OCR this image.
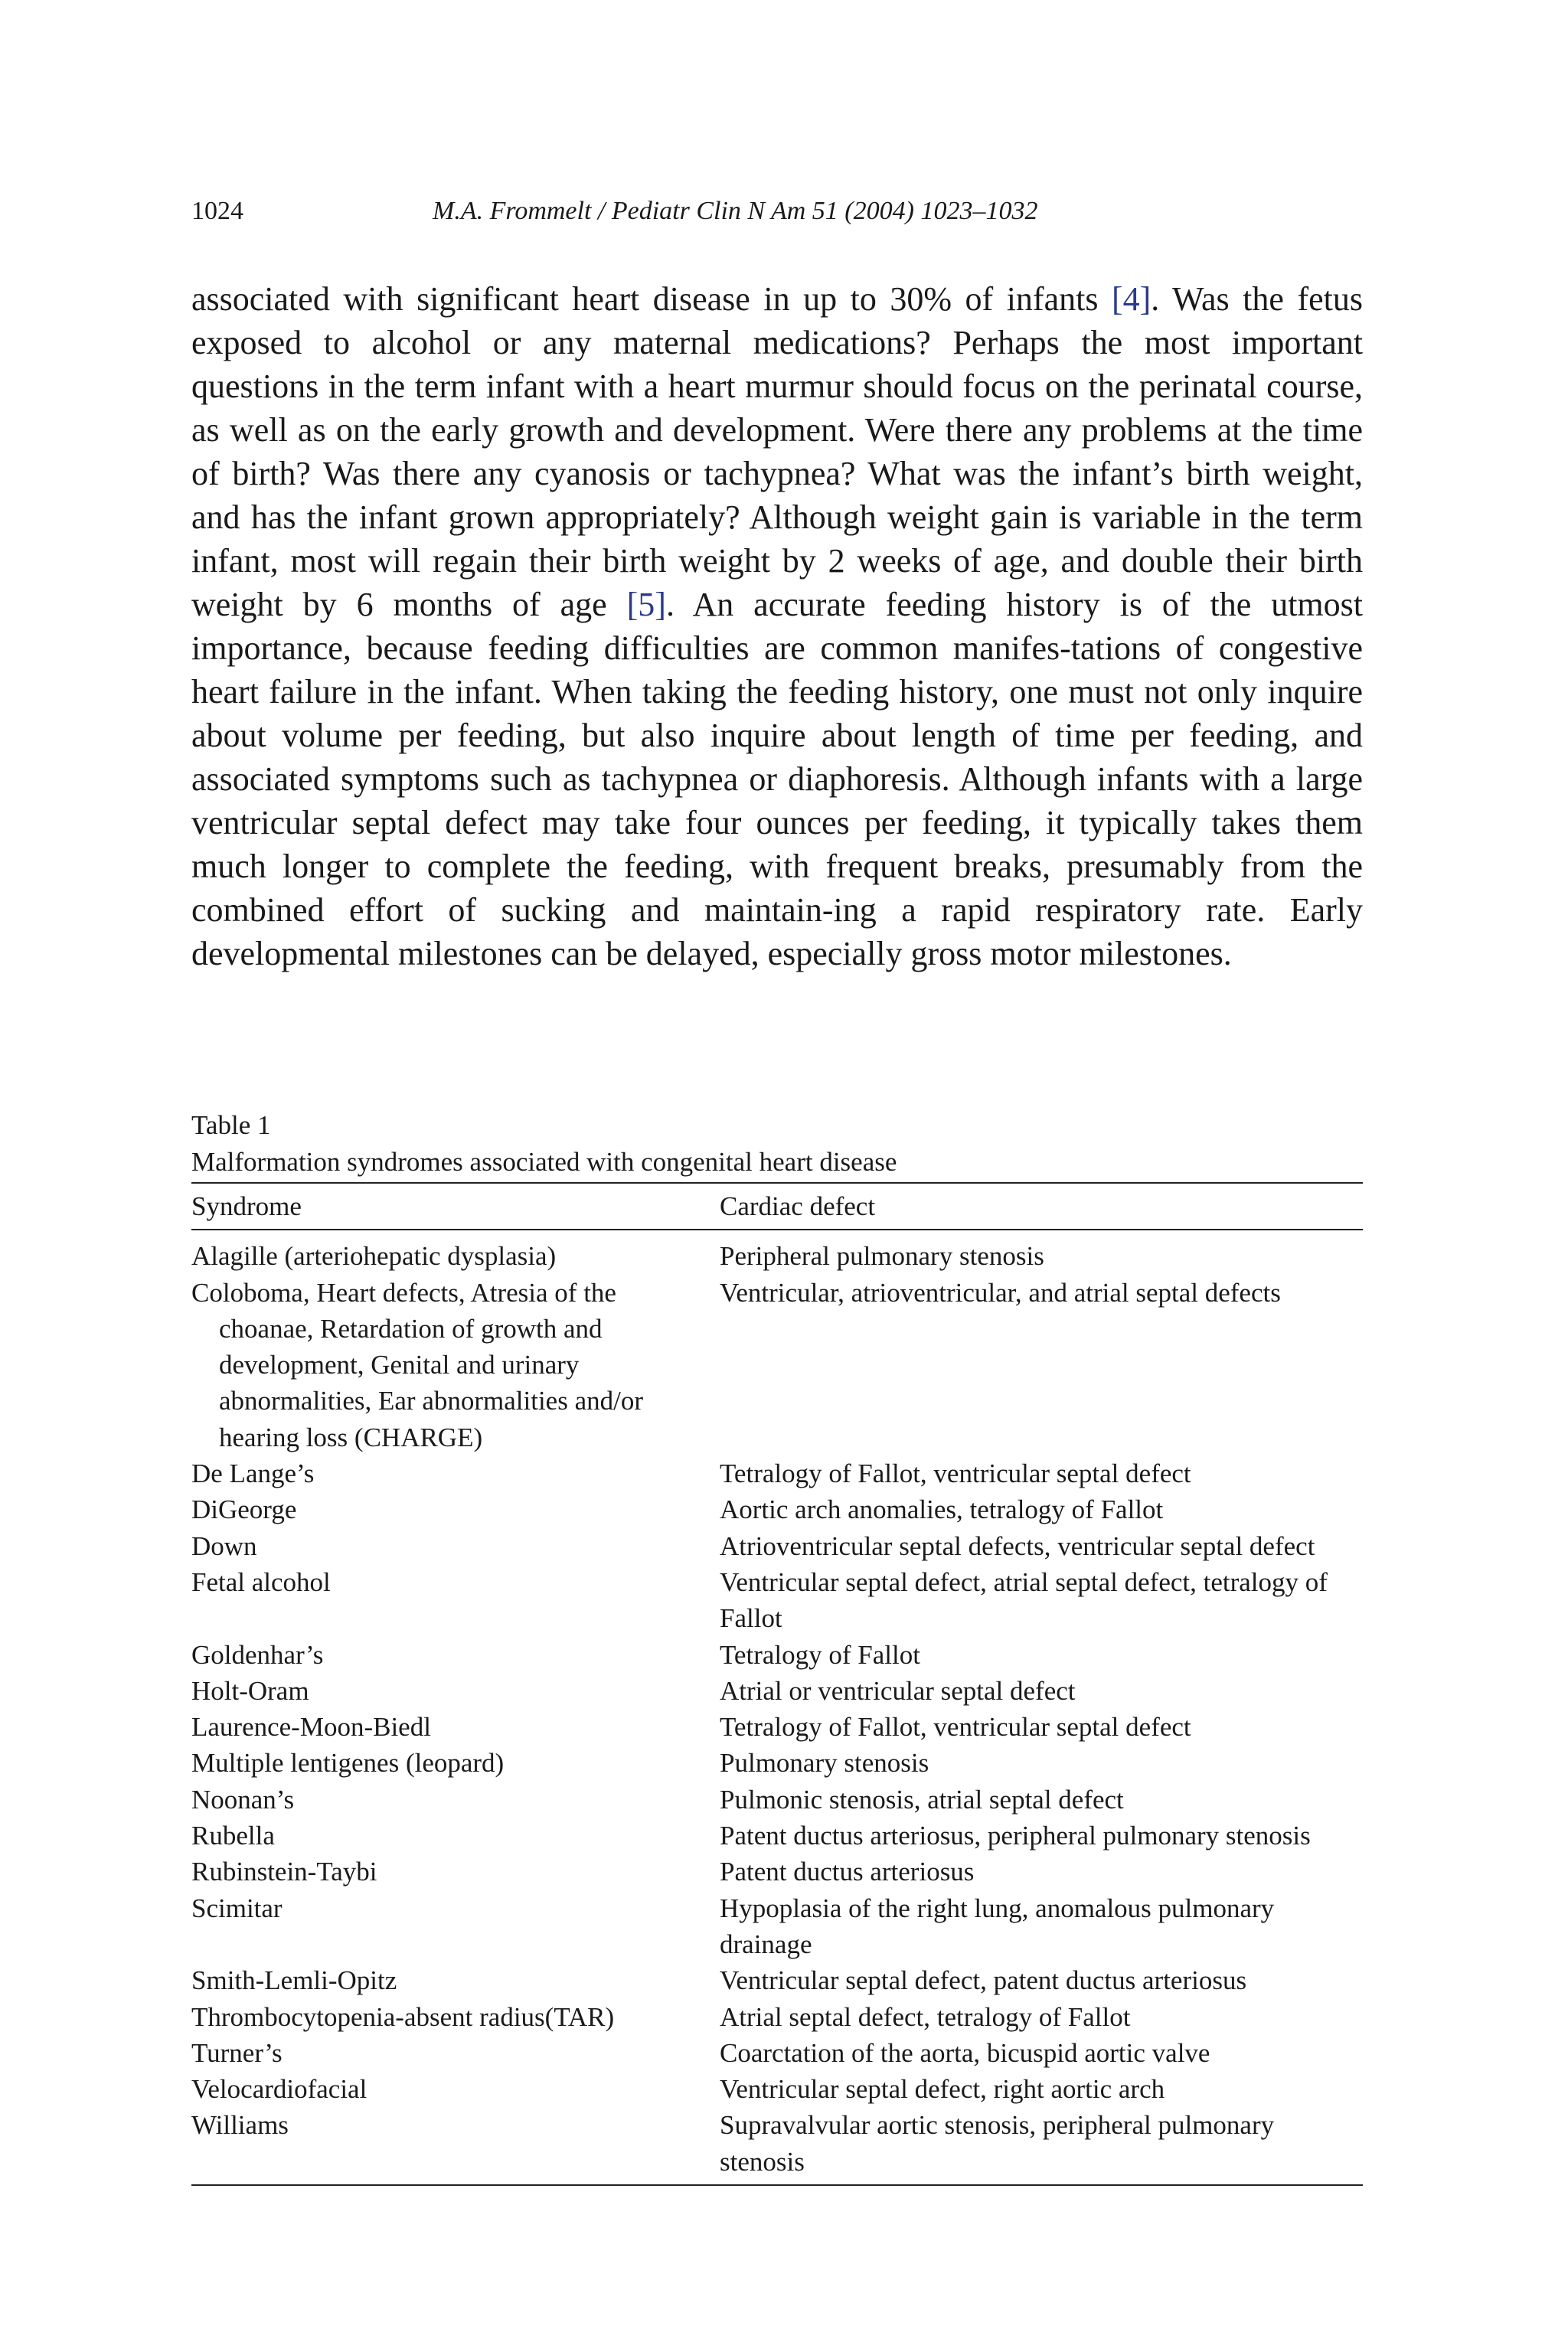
1024	M.A. Frommelt / Pediatr Clin N Am 51 (2004) 1023–1032

associated with significant heart disease in up to 30% of infants [4]. Was the fetus exposed to alcohol or any maternal medications? Perhaps the most important questions in the term infant with a heart murmur should focus on the perinatal course, as well as on the early growth and development. Were there any problems at the time of birth? Was there any cyanosis or tachypnea? What was the infant’s birth weight, and has the infant grown appropriately? Although weight gain is variable in the term infant, most will regain their birth weight by 2 weeks of age, and double their birth weight by 6 months of age [5]. An accurate feeding history is of the utmost importance, because feeding difficulties are common manifes-tations of congestive heart failure in the infant. When taking the feeding history, one must not only inquire about volume per feeding, but also inquire about length of time per feeding, and associated symptoms such as tachypnea or diaphoresis. Although infants with a large ventricular septal defect may take four ounces per feeding, it typically takes them much longer to complete the feeding, with frequent breaks, presumably from the combined effort of sucking and maintain-ing a rapid respiratory rate. Early developmental milestones can be delayed, especially gross motor milestones.

Table 1
Malformation syndromes associated with congenital heart disease
Syndrome	Cardiac defect
Alagille (arteriohepatic dysplasia)	Peripheral pulmonary stenosis
Coloboma, Heart defects, Atresia of the choanae, Retardation of growth and development, Genital and urinary abnormalities, Ear abnormalities and/or hearing loss (CHARGE)	Ventricular, atrioventricular, and atrial septal defects
De Lange’s	Tetralogy of Fallot, ventricular septal defect
DiGeorge	Aortic arch anomalies, tetralogy of Fallot
Down	Atrioventricular septal defects, ventricular septal defect
Fetal alcohol	Ventricular septal defect, atrial septal defect, tetralogy of Fallot
Goldenhar’s	Tetralogy of Fallot
Holt-Oram	Atrial or ventricular septal defect
Laurence-Moon-Biedl	Tetralogy of Fallot, ventricular septal defect
Multiple lentigenes (leopard)	Pulmonary stenosis
Noonan’s	Pulmonic stenosis, atrial septal defect
Rubella	Patent ductus arteriosus, peripheral pulmonary stenosis
Rubinstein-Taybi	Patent ductus arteriosus
Scimitar	Hypoplasia of the right lung, anomalous pulmonary drainage
Smith-Lemli-Opitz	Ventricular septal defect, patent ductus arteriosus
Thrombocytopenia-absent radius(TAR)	Atrial septal defect, tetralogy of Fallot
Turner’s	Coarctation of the aorta, bicuspid aortic valve
Velocardiofacial	Ventricular septal defect, right aortic arch
Williams	Supravalvular aortic stenosis, peripheral pulmonary stenosis
